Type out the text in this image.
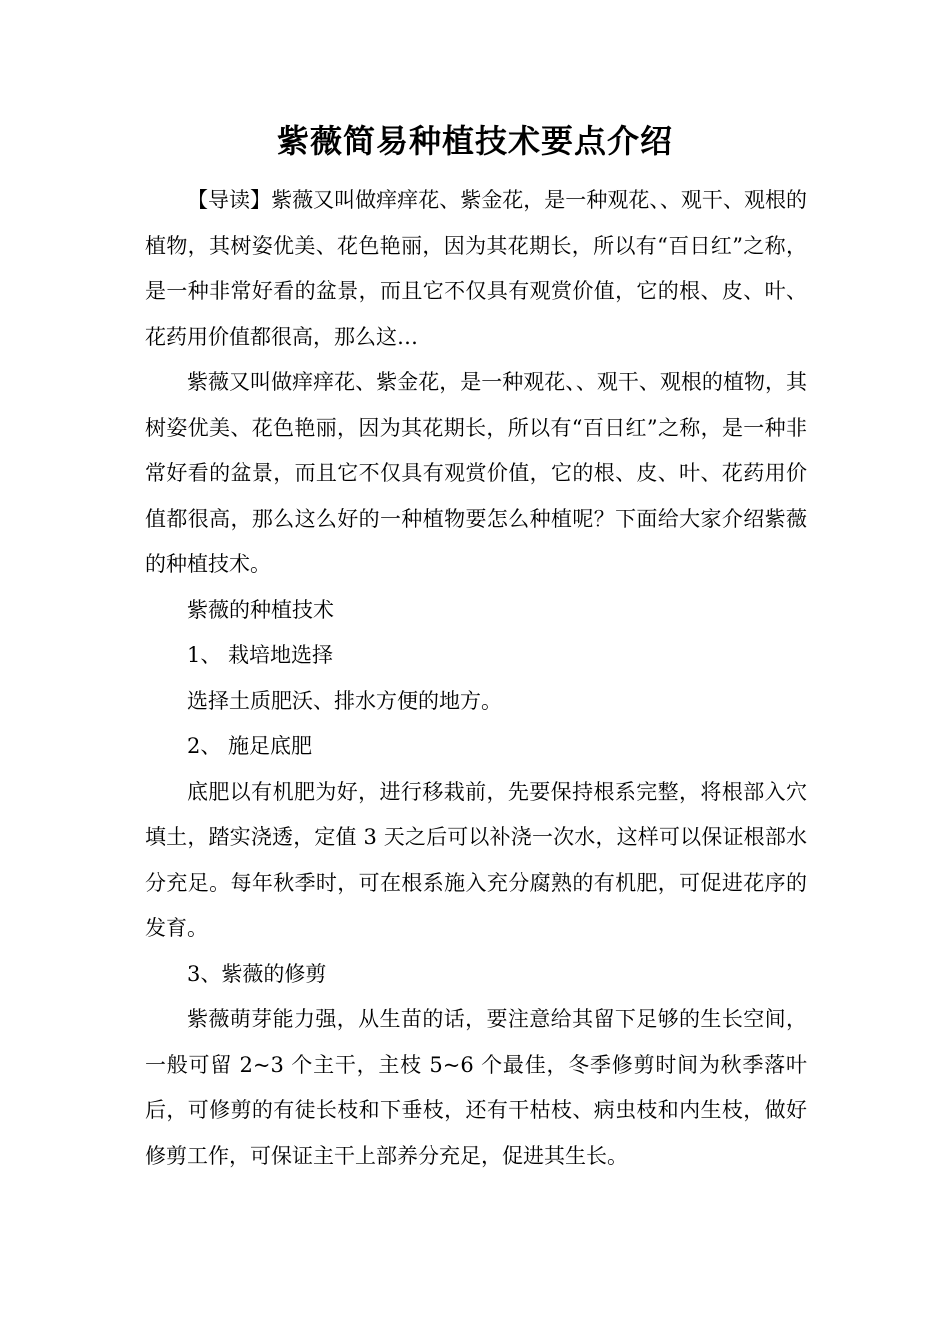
紫薇简易种植技术要点介绍

【导读】紫薇又叫做痒痒花、紫金花，是一种观花、、观干、观根的植物，其树姿优美、花色艳丽，因为其花期长，所以有“百日红”之称，是一种非常好看的盆景，而且它不仅具有观赏价值，它的根、皮、叶、花药用价值都很高，那么这…

紫薇又叫做痒痒花、紫金花，是一种观花、、观干、观根的植物，其树姿优美、花色艳丽，因为其花期长，所以有“百日红”之称，是一种非常好看的盆景，而且它不仅具有观赏价值，它的根、皮、叶、花药用价值都很高，那么这么好的一种植物要怎么种植呢？下面给大家介绍紫薇的种植技术。

紫薇的种植技术

1、 栽培地选择

选择土质肥沃、排水方便的地方。

2、 施足底肥

底肥以有机肥为好，进行移栽前，先要保持根系完整，将根部入穴填土，踏实浇透，定值 3 天之后可以补浇一次水，这样可以保证根部水分充足。每年秋季时，可在根系施入充分腐熟的有机肥，可促进花序的发育。

3、紫薇的修剪

紫薇萌芽能力强，从生苗的话，要注意给其留下足够的生长空间，一般可留 2~3 个主干，主枝 5~6 个最佳，冬季修剪时间为秋季落叶后，可修剪的有徒长枝和下垂枝，还有干枯枝、病虫枝和内生枝，做好修剪工作，可保证主干上部养分充足，促进其生长。
